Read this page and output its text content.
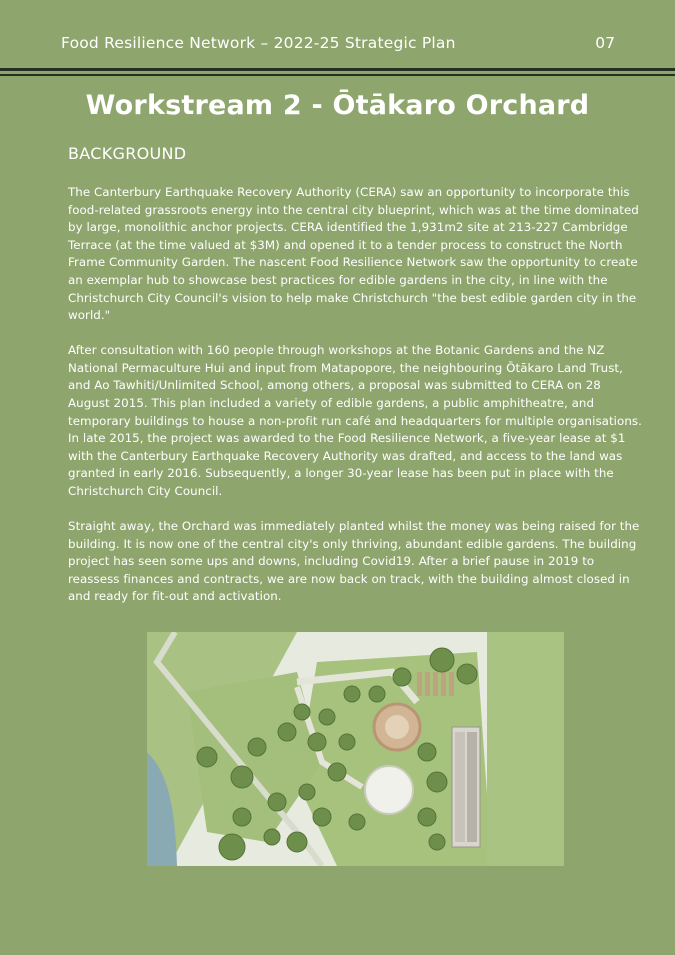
Food Resilience Network – 2022-25 Strategic Plan	07
Workstream 2 - Ōtākaro Orchard
BACKGROUND

The Canterbury Earthquake Recovery Authority (CERA) saw an opportunity to incorporate this food-related grassroots energy into the central city blueprint, which was at the time dominated by large, monolithic anchor projects. CERA identified the 1,931m2 site at 213-227 Cambridge Terrace (at the time valued at $3M) and opened it to a tender process to construct the North Frame Community Garden. The nascent Food Resilience Network saw the opportunity to create an exemplar hub to showcase best practices for edible gardens in the city, in line with the Christchurch City Council's vision to help make Christchurch "the best edible garden city in the world."

After consultation with 160 people through workshops at the Botanic Gardens and the NZ National Permaculture Hui and input from Matapopore, the neighbouring Ōtākaro Land Trust, and Ao Tawhiti/Unlimited School, among others, a proposal was submitted to CERA on 28 August 2015. This plan included a variety of edible gardens, a public amphitheatre, and temporary buildings to house a non-profit run café and headquarters for multiple organisations. In late 2015, the project was awarded to the Food Resilience Network, a five-year lease at $1 with the Canterbury Earthquake Recovery Authority was drafted, and access to the land was granted in early 2016. Subsequently, a longer 30-year lease has been put in place with the Christchurch City Council.

Straight away, the Orchard was immediately planted whilst the money was being raised for the building. It is now one of the central city's only thriving, abundant edible gardens. The building project has seen some ups and downs, including Covid19. After a brief pause in 2019 to reassess finances and contracts, we are now back on track, with the building almost closed in and ready for fit-out and activation.
